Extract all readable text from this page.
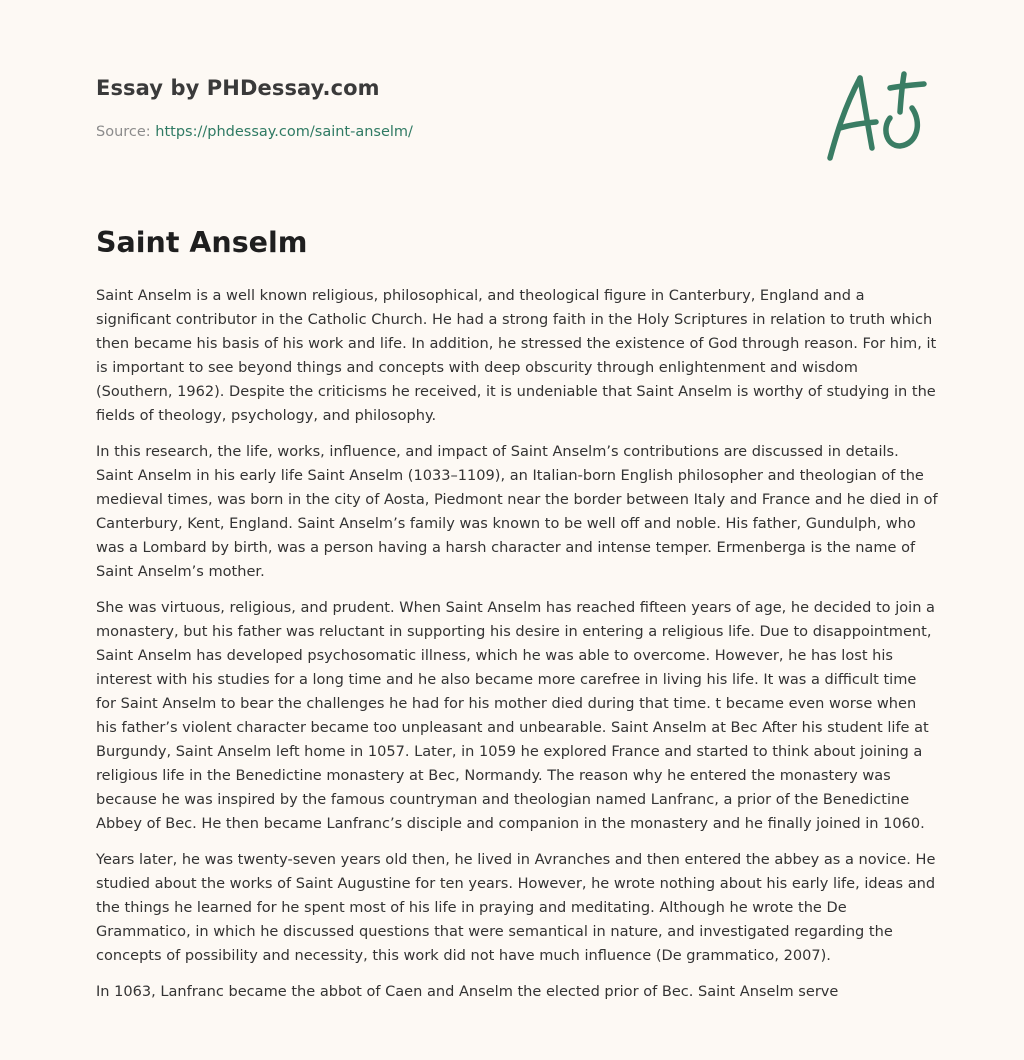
Essay by PHDessay.com
Source: https://phdessay.com/saint-anselm/
Saint Anselm

Saint Anselm is a well known religious, philosophical, and theological figure in Canterbury, England and a significant contributor in the Catholic Church. He had a strong faith in the Holy Scriptures in relation to truth which then became his basis of his work and life. In addition, he stressed the existence of God through reason. For him, it is important to see beyond things and concepts with deep obscurity through enlightenment and wisdom (Southern, 1962). Despite the criticisms he received, it is undeniable that Saint Anselm is worthy of studying in the fields of theology, psychology, and philosophy.

In this research, the life, works, influence, and impact of Saint Anselm’s contributions are discussed in details. Saint Anselm in his early life Saint Anselm (1033–1109), an Italian-born English philosopher and theologian of the medieval times, was born in the city of Aosta, Piedmont near the border between Italy and France and he died in of Canterbury, Kent, England. Saint Anselm’s family was known to be well off and noble. His father, Gundulph, who was a Lombard by birth, was a person having a harsh character and intense temper. Ermenberga is the name of Saint Anselm’s mother.

She was virtuous, religious, and prudent. When Saint Anselm has reached fifteen years of age, he decided to join a monastery, but his father was reluctant in supporting his desire in entering a religious life. Due to disappointment, Saint Anselm has developed psychosomatic illness, which he was able to overcome. However, he has lost his interest with his studies for a long time and he also became more carefree in living his life. It was a difficult time for Saint Anselm to bear the challenges he had for his mother died during that time. t became even worse when his father’s violent character became too unpleasant and unbearable. Saint Anselm at Bec After his student life at Burgundy, Saint Anselm left home in 1057. Later, in 1059 he explored France and started to think about joining a religious life in the Benedictine monastery at Bec, Normandy. The reason why he entered the monastery was because he was inspired by the famous countryman and theologian named Lanfranc, a prior of the Benedictine Abbey of Bec. He then became Lanfranc’s disciple and companion in the monastery and he finally joined in 1060.

Years later, he was twenty-seven years old then, he lived in Avranches and then entered the abbey as a novice. He studied about the works of Saint Augustine for ten years. However, he wrote nothing about his early life, ideas and the things he learned for he spent most of his life in praying and meditating. Although he wrote the De Grammatico, in which he discussed questions that were semantical in nature, and investigated regarding the concepts of possibility and necessity, this work did not have much influence (De grammatico, 2007).

In 1063, Lanfranc became the abbot of Caen and Anselm the elected prior of Bec. Saint Anselm serve
